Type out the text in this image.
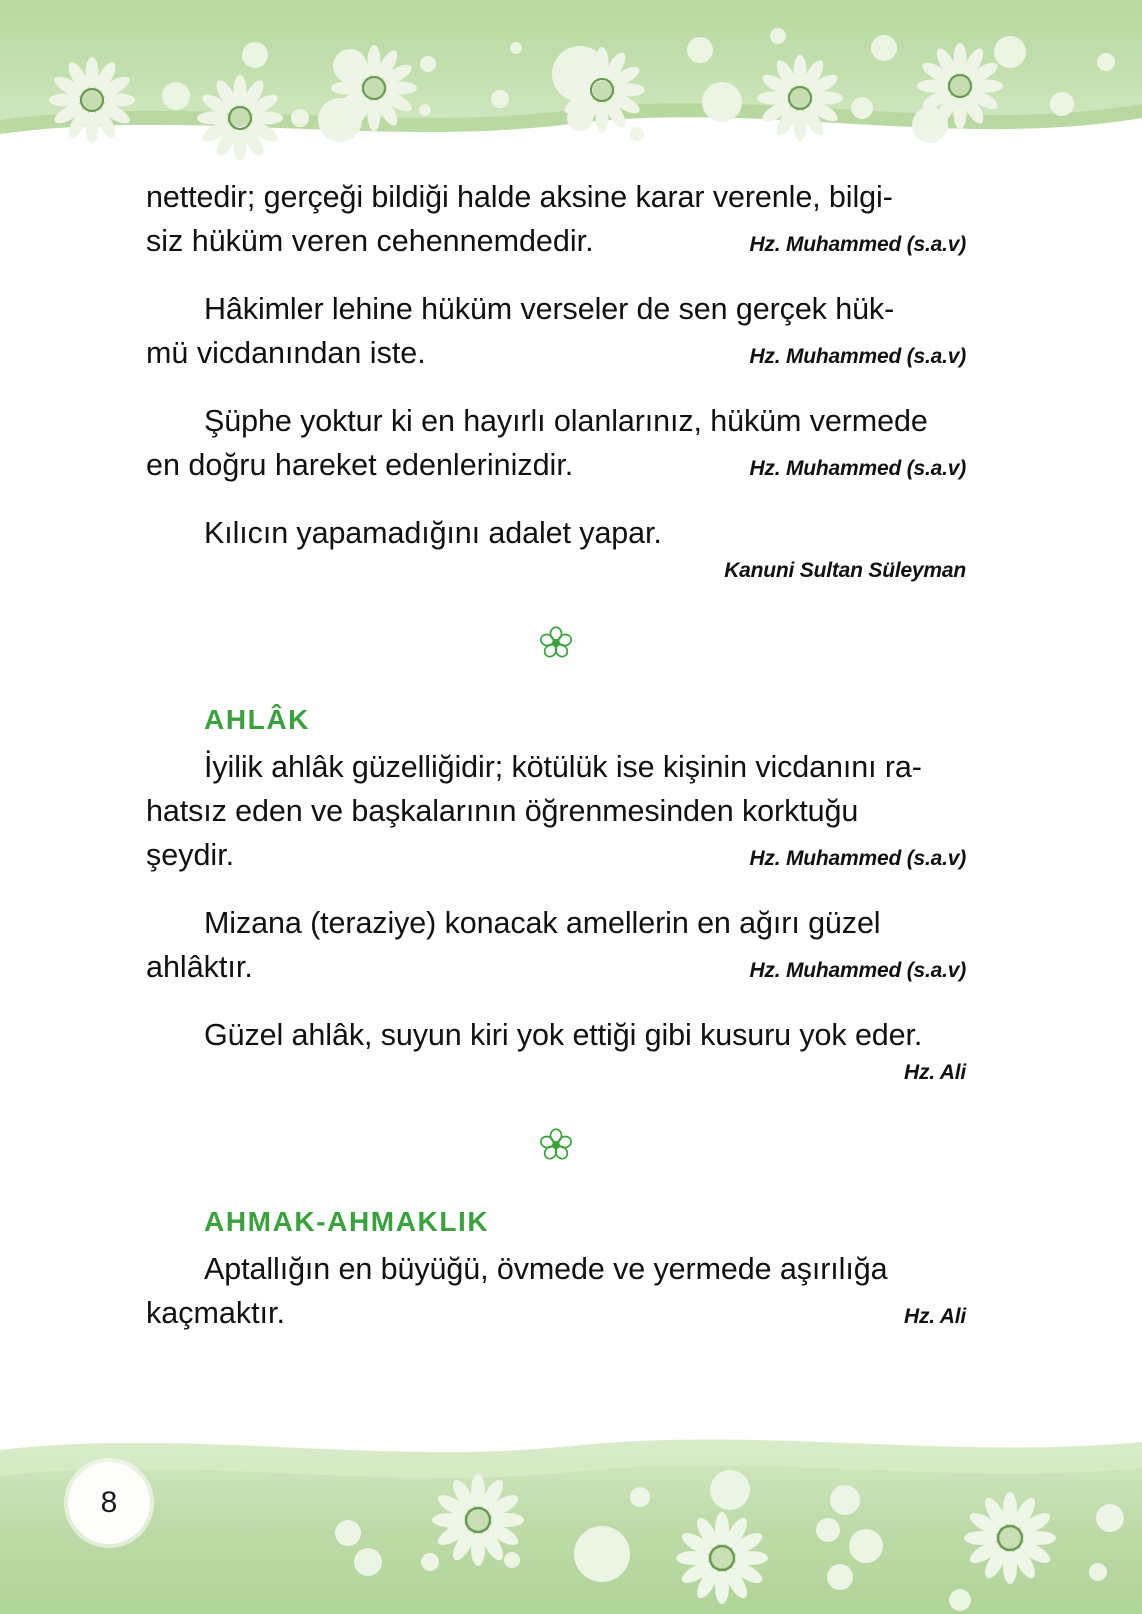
8
nettedir; gerçeği bildiği halde aksine karar verenle, bilgi-
siz hüküm veren cehennemdedir.	Hz. Muhammed (s.a.v)
Hâkimler lehine hüküm verseler de sen gerçek hük-
mü vicdanından iste.	Hz. Muhammed (s.a.v)
Şüphe yoktur ki en hayırlı olanlarınız, hüküm vermede
en doğru hareket edenlerinizdir.	Hz. Muhammed (s.a.v)
Kılıcın yapamadığını adalet yapar.
Kanuni Sultan Süleyman
AHLÂK
İyilik ahlâk güzelliğidir; kötülük ise kişinin vicdanını ra-
hatsız eden ve başkalarının öğrenmesinden korktuğu
şeydir.	Hz. Muhammed (s.a.v)
Mizana (teraziye) konacak amellerin en ağırı güzel
ahlâktır.	Hz. Muhammed (s.a.v)
Güzel ahlâk, suyun kiri yok ettiği gibi kusuru yok eder.
Hz. Ali
AHMAK-AHMAKLIK
Aptallığın en büyüğü, övmede ve yermede aşırılığa
kaçmaktır.	Hz. Ali
